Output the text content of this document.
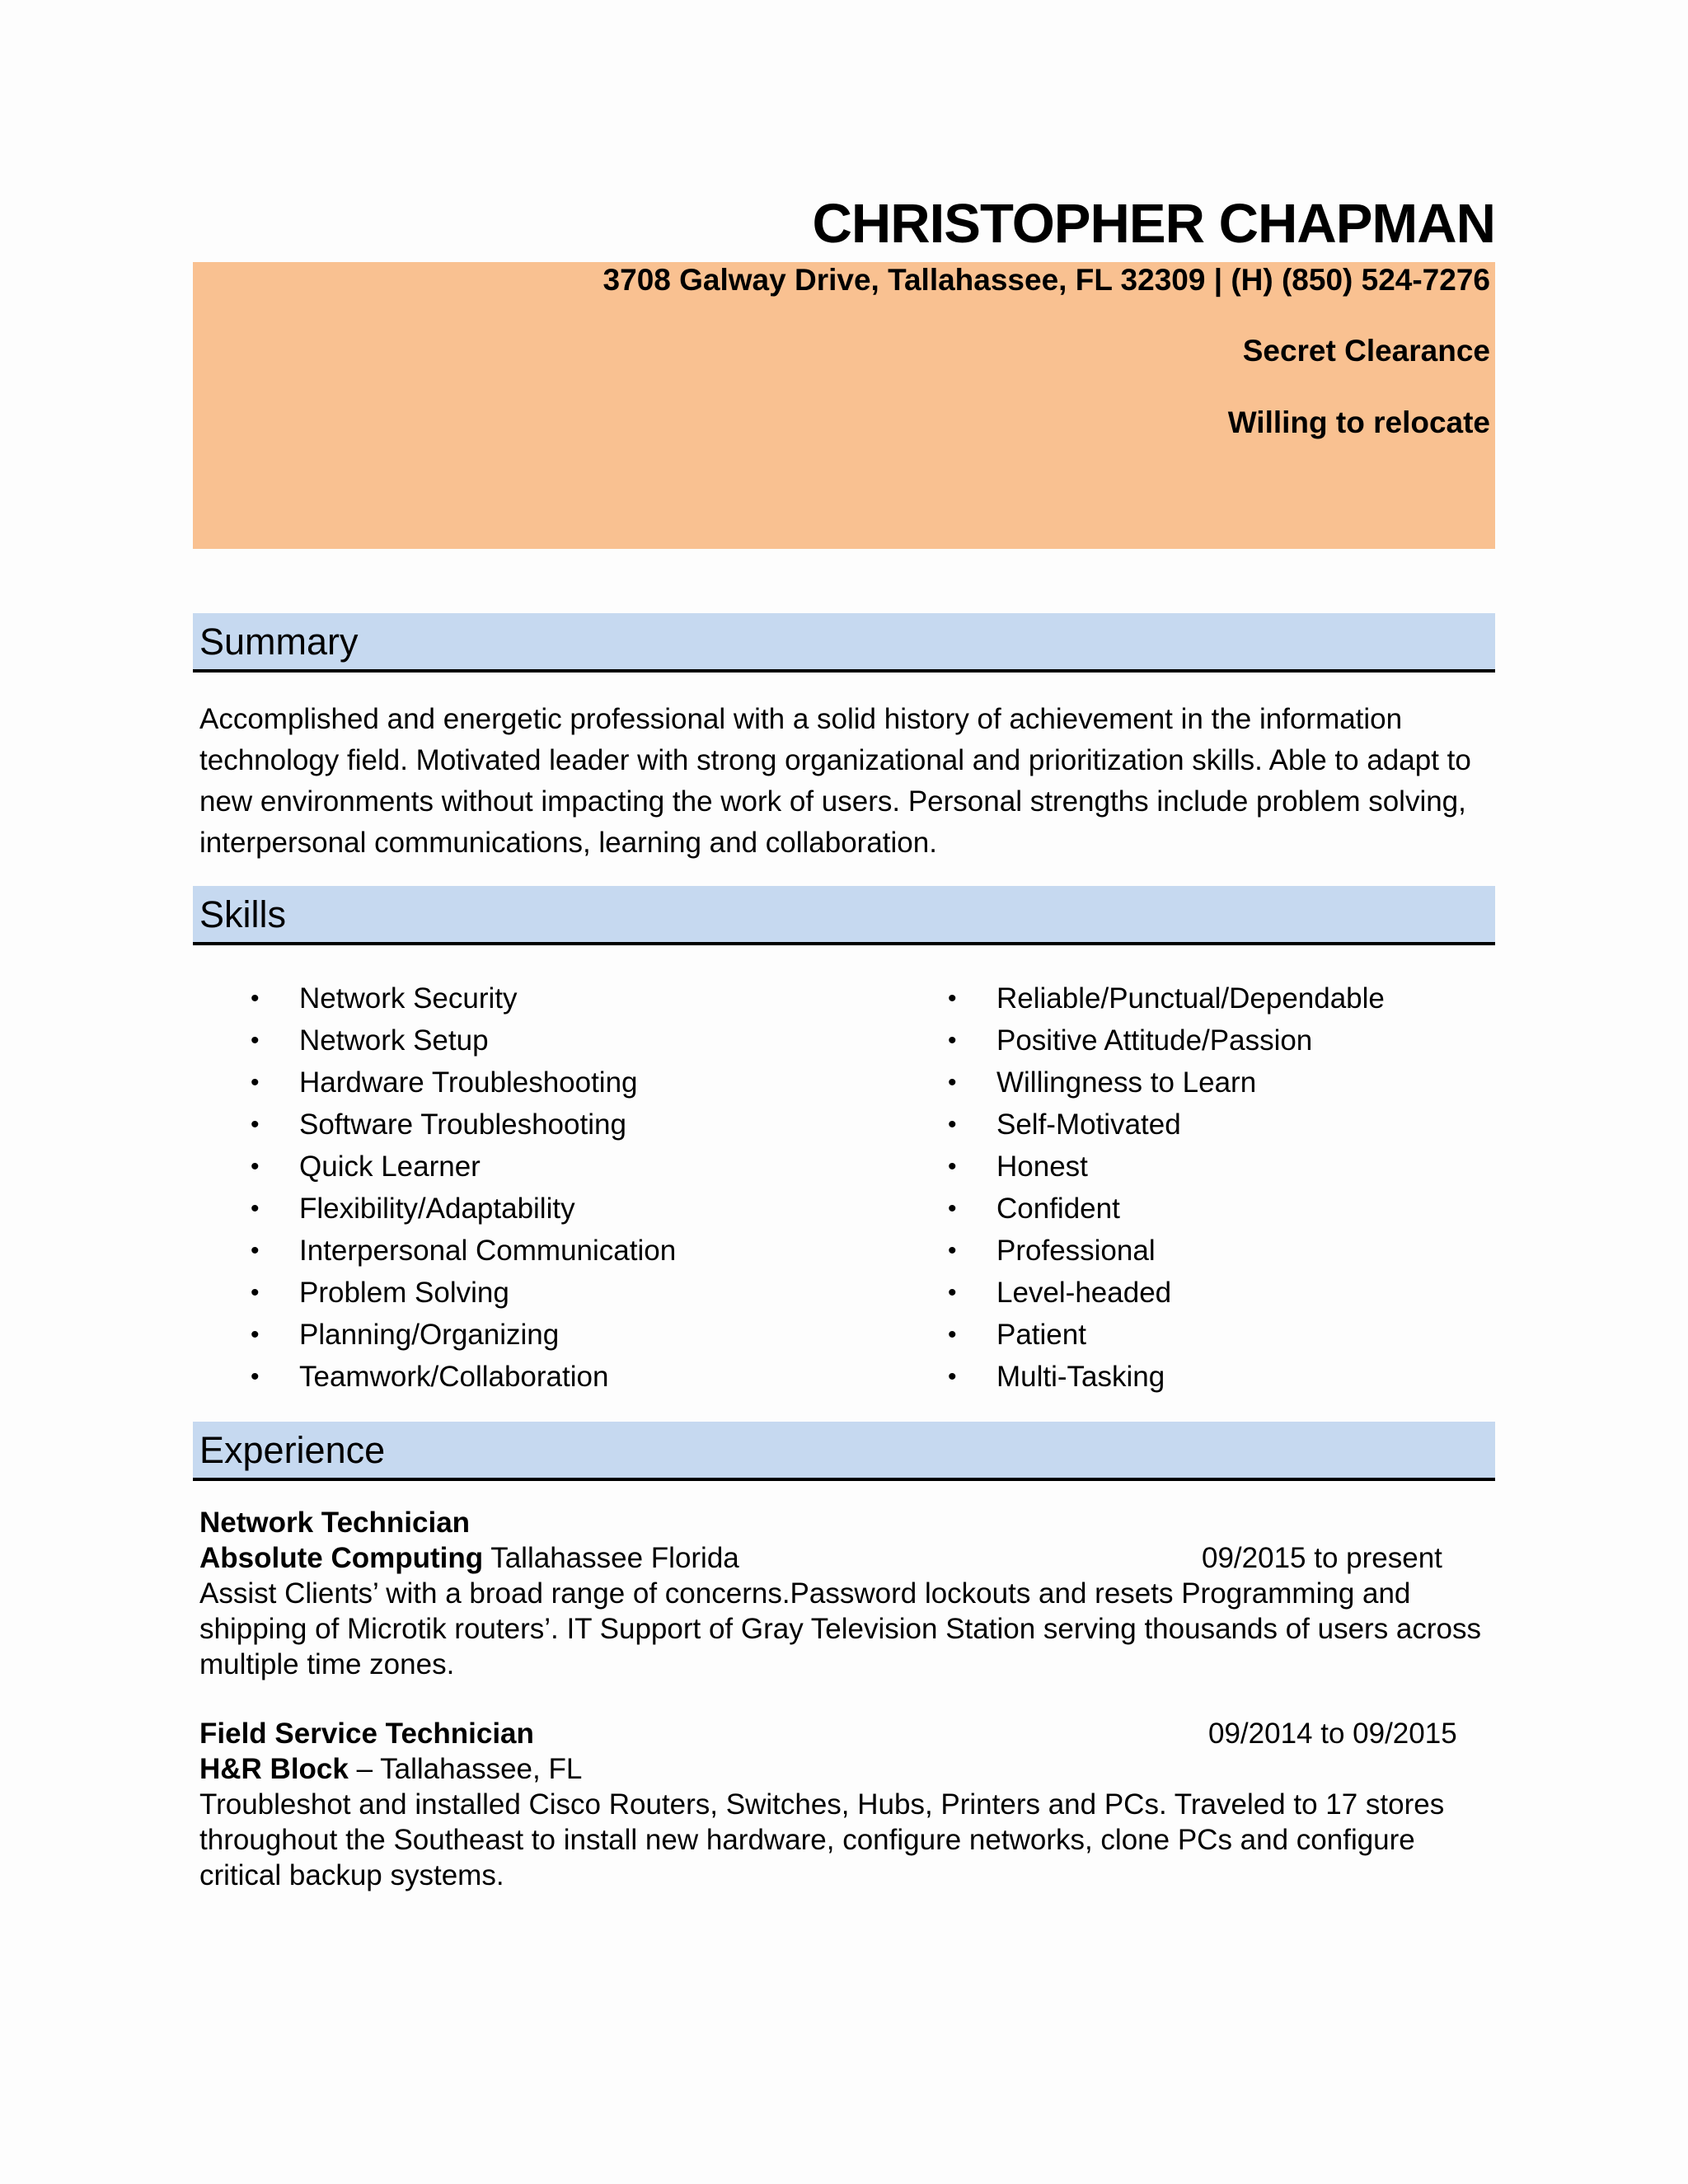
CHRISTOPHER CHAPMAN
3708 Galway Drive, Tallahassee, FL 32309 | (H) (850) 524-7276
Secret Clearance
Willing to relocate
Summary
Accomplished and energetic professional with a solid history of achievement in the information technology field. Motivated leader with strong organizational and prioritization skills. Able to adapt to new environments without impacting the work of users. Personal strengths include problem solving, interpersonal communications, learning and collaboration.
Skills
• Network Security
• Network Setup
• Hardware Troubleshooting
• Software Troubleshooting
• Quick Learner
• Flexibility/Adaptability
• Interpersonal Communication
• Problem Solving
• Planning/Organizing
• Teamwork/Collaboration
• Reliable/Punctual/Dependable
• Positive Attitude/Passion
• Willingness to Learn
• Self-Motivated
• Honest
• Confident
• Professional
• Level-headed
• Patient
• Multi-Tasking
Experience
Network Technician
Absolute Computing Tallahassee Florida	09/2015 to present
Assist Clients’ with a broad range of concerns.Password lockouts and resets Programming and shipping of Microtik routers’. IT Support of Gray Television Station serving thousands of users across multiple time zones.
Field Service Technician	09/2014 to 09/2015
H&R Block – Tallahassee, FL
Troubleshot and installed Cisco Routers, Switches, Hubs, Printers and PCs. Traveled to 17 stores throughout the Southeast to install new hardware, configure networks, clone PCs and configure critical backup systems.
